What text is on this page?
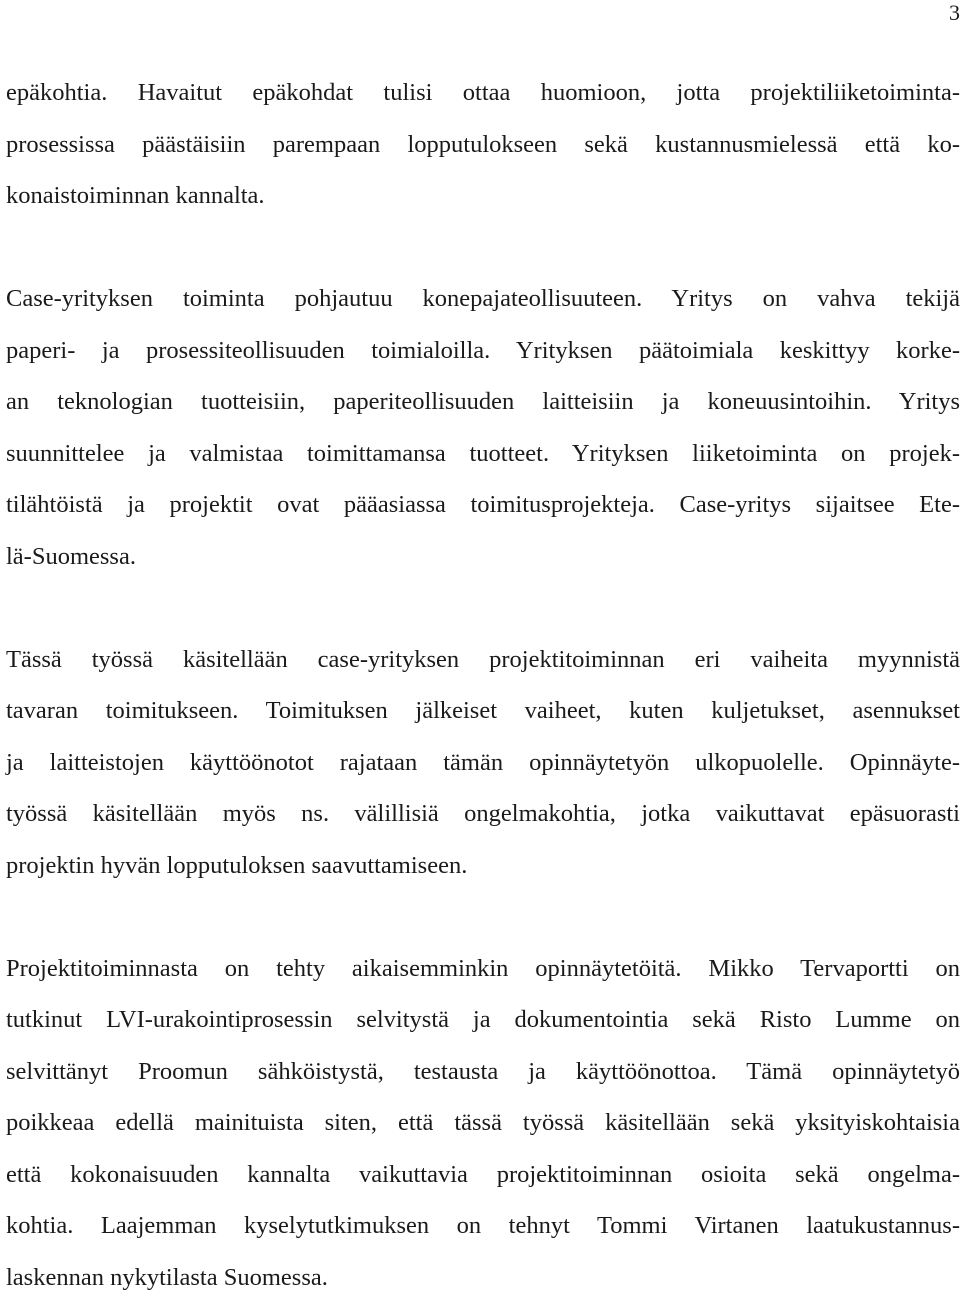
3
epäkohtia. Havaitut epäkohdat tulisi ottaa huomioon, jotta projektiliiketoiminta-
prosessissa päästäisiin parempaan lopputulokseen sekä kustannusmielessä että ko-
konaistoiminnan kannalta.
Case-yrityksen toiminta pohjautuu konepajateollisuuteen. Yritys on vahva tekijä
paperi- ja prosessiteollisuuden toimialoilla. Yrityksen päätoimiala keskittyy korke-
an teknologian tuotteisiin, paperiteollisuuden laitteisiin ja koneuusintoihin. Yritys
suunnittelee ja valmistaa toimittamansa tuotteet. Yrityksen liiketoiminta on projek-
tilähtöistä ja projektit ovat pääasiassa toimitusprojekteja. Case-yritys sijaitsee Ete-
lä-Suomessa.
Tässä työssä käsitellään case-yrityksen projektitoiminnan eri vaiheita myynnistä
tavaran toimitukseen. Toimituksen jälkeiset vaiheet, kuten kuljetukset, asennukset
ja laitteistojen käyttöönotot rajataan tämän opinnäytetyön ulkopuolelle. Opinnäyte-
työssä käsitellään myös ns. välillisiä ongelmakohtia, jotka vaikuttavat epäsuorasti
projektin hyvän lopputuloksen saavuttamiseen.
Projektitoiminnasta on tehty aikaisemminkin opinnäytetöitä. Mikko Tervaportti on
tutkinut LVI-urakointiprosessin selvitystä ja dokumentointia sekä Risto Lumme on
selvittänyt Proomun sähköistystä, testausta ja käyttöönottoa. Tämä opinnäytetyö
poikkeaa edellä mainituista siten, että tässä työssä käsitellään sekä yksityiskohtaisia
että kokonaisuuden kannalta vaikuttavia projektitoiminnan osioita sekä ongelma-
kohtia. Laajemman kyselytutkimuksen on tehnyt Tommi Virtanen laatukustannus-
laskennan nykytilasta Suomessa.
